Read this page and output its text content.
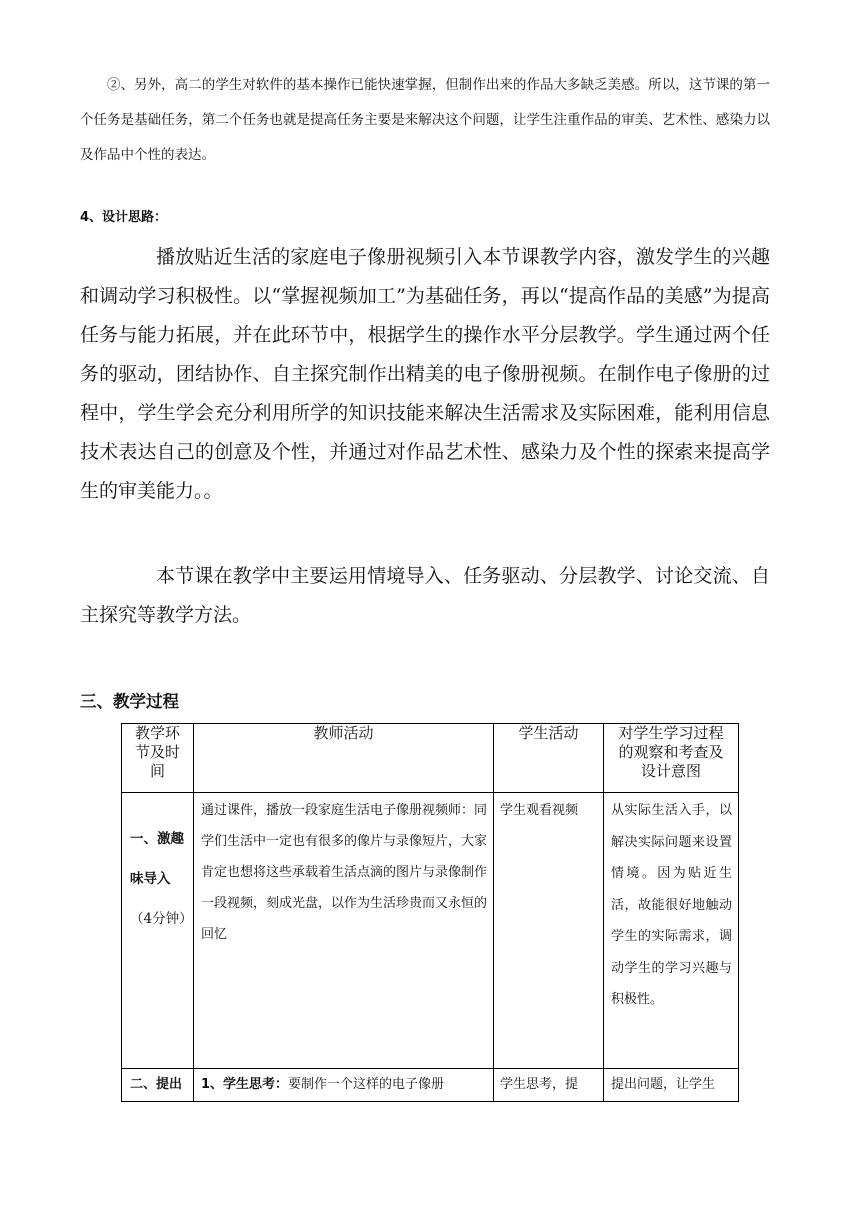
②、另外，高二的学生对软件的基本操作已能快速掌握，但制作出来的作品大多缺乏美感。所以，这节课的第一个任务是基础任务，第二个任务也就是提高任务主要是来解决这个问题，让学生注重作品的审美、艺术性、感染力以及作品中个性的表达。
4、设计思路：
播放贴近生活的家庭电子像册视频引入本节课教学内容，激发学生的兴趣和调动学习积极性。以“掌握视频加工”为基础任务，再以“提高作品的美感”为提高任务与能力拓展，并在此环节中，根据学生的操作水平分层教学。学生通过两个任务的驱动，团结协作、自主探究制作出精美的电子像册视频。在制作电子像册的过程中，学生学会充分利用所学的知识技能来解决生活需求及实际困难，能利用信息技术表达自己的创意及个性，并通过对作品艺术性、感染力及个性的探索来提高学生的审美能力。。
本节课在教学中主要运用情境导入、任务驱动、分层教学、讨论交流、自主探究等教学方法。
三、教学过程
教学环节及时间	教师活动	学生活动	对学生学习过程的观察和考查及设计意图
一、激趣味导入（4分钟）	通过课件，播放一段家庭生活电子像册视频师：同学们生活中一定也有很多的像片与录像短片，大家肯定也想将这些承载着生活点滴的图片与录像制作一段视频，刻成光盘，以作为生活珍贵而又永恒的回忆	学生观看视频	从实际生活入手，以解决实际问题来设置情境。因为贴近生活，故能很好地触动学生的实际需求，调动学生的学习兴趣与积极性。
二、提出	1、学生思考：要制作一个这样的电子像册	学生思考，提	提出问题，让学生
